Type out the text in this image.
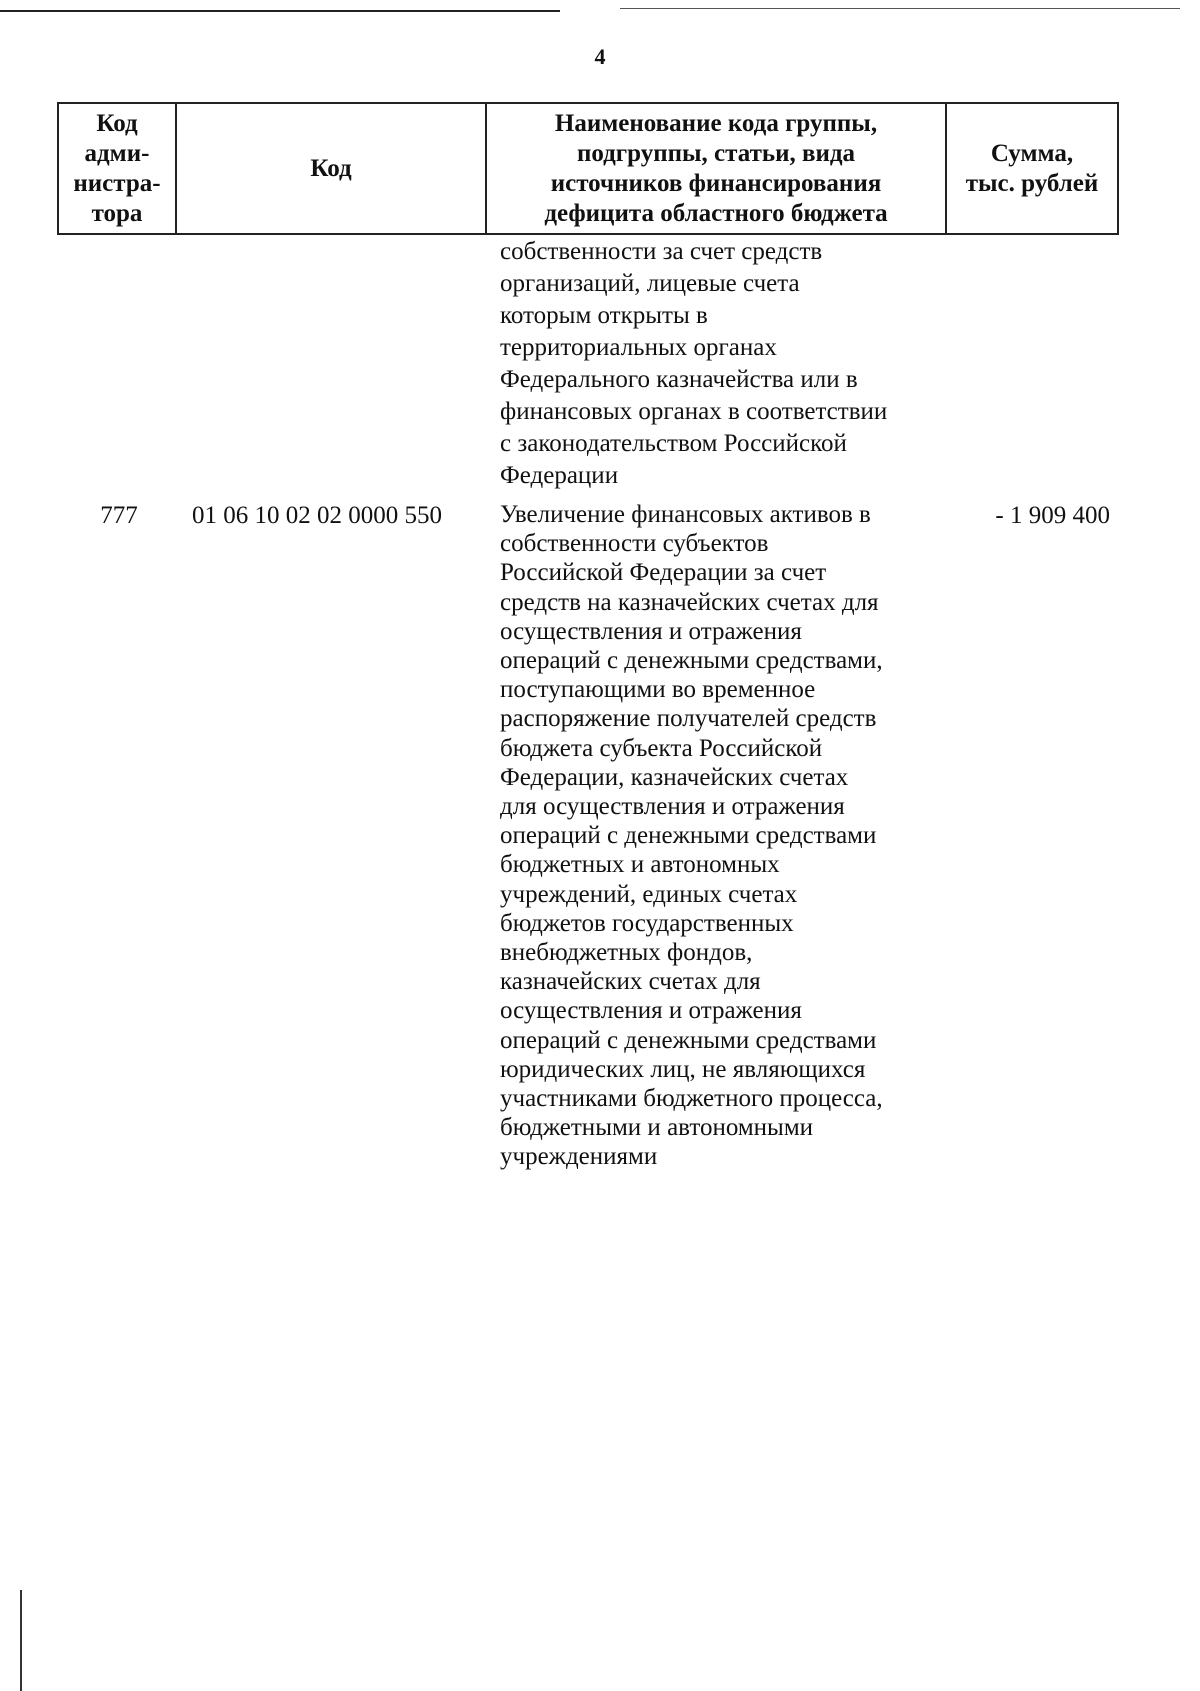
4
Код
адми-
нистра-
тора
Код
Наименование кода группы,
подгруппы, статьи, вида
источников финансирования
дефицита областного бюджета
Сумма,
тыс. рублей
собственности за счет средств
организаций, лицевые счета
которым открыты в
территориальных органах
Федерального казначейства или в
финансовых органах в соответствии
с законодательством Российской
Федерации
777	01 06 10 02 02 0000 550	Увеличение финансовых активов в
собственности субъектов
Российской Федерации за счет
средств на казначейских счетах для
осуществления и отражения
операций с денежными средствами,
поступающими во временное
распоряжение получателей средств
бюджета субъекта Российской
Федерации, казначейских счетах
для осуществления и отражения
операций с денежными средствами
бюджетных и автономных
учреждений, единых счетах
бюджетов государственных
внебюджетных фондов,
казначейских счетах для
осуществления и отражения
операций с денежными средствами
юридических лиц, не являющихся
участниками бюджетного процесса,
бюджетными и автономными
учреждениями
- 1 909 400
